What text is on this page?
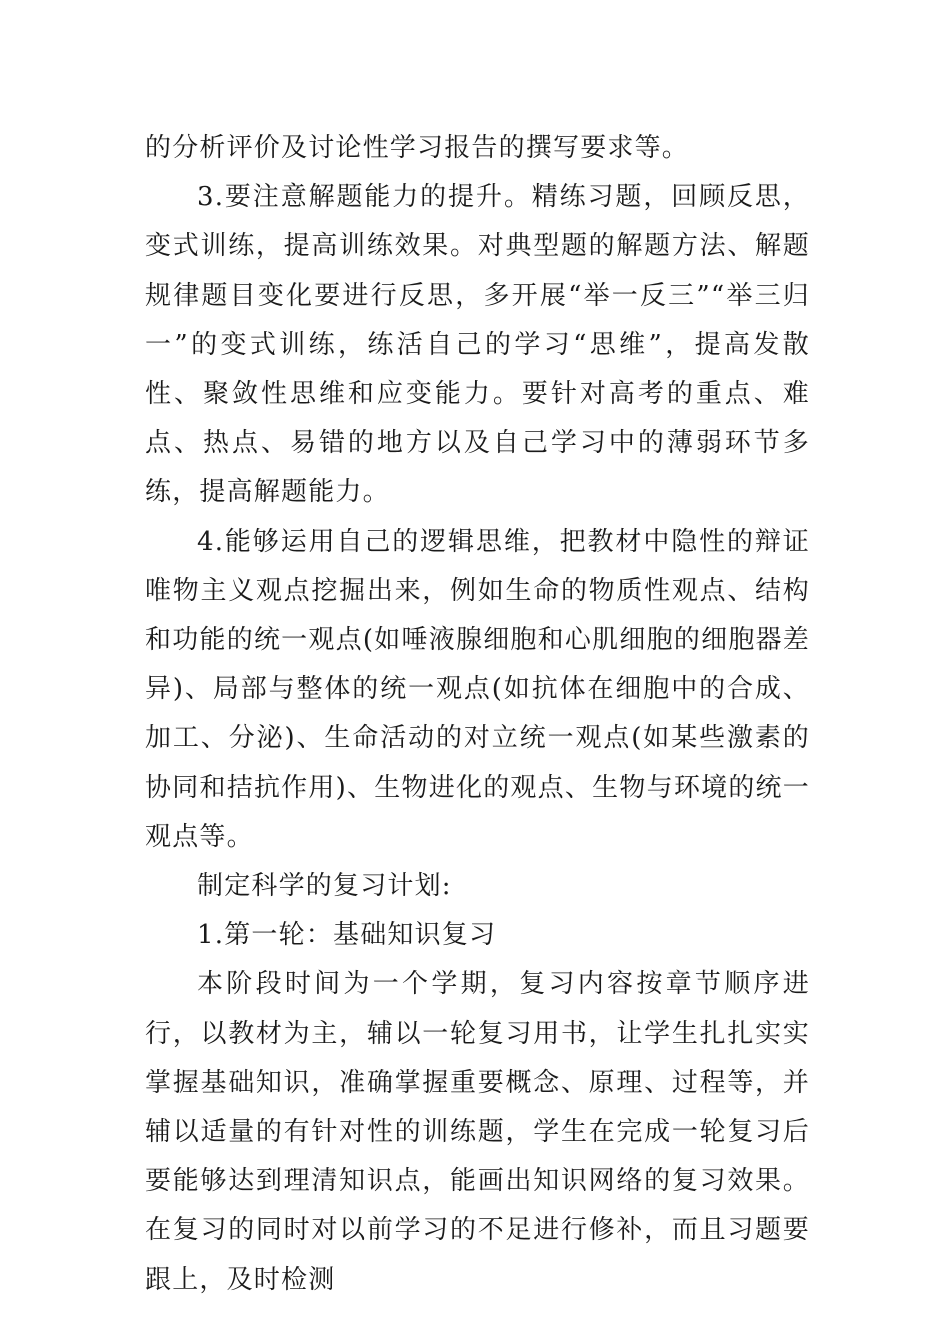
的分析评价及讨论性学习报告的撰写要求等。

3.要注意解题能力的提升。精练习题，回顾反思，变式训练，提高训练效果。对典型题的解题方法、解题规律题目变化要进行反思，多开展“举一反三”“举三归一”的变式训练，练活自己的学习“思维”，提高发散性、聚敛性思维和应变能力。要针对高考的重点、难点、热点、易错的地方以及自己学习中的薄弱环节多练，提高解题能力。

4.能够运用自己的逻辑思维，把教材中隐性的辩证唯物主义观点挖掘出来，例如生命的物质性观点、结构和功能的统一观点(如唾液腺细胞和心肌细胞的细胞器差异)、局部与整体的统一观点(如抗体在细胞中的合成、加工、分泌)、生命活动的对立统一观点(如某些激素的协同和拮抗作用)、生物进化的观点、生物与环境的统一观点等。

制定科学的复习计划:

1.第一轮：基础知识复习

本阶段时间为一个学期，复习内容按章节顺序进行，以教材为主，辅以一轮复习用书，让学生扎扎实实掌握基础知识，准确掌握重要概念、原理、过程等，并辅以适量的有针对性的训练题，学生在完成一轮复习后要能够达到理清知识点，能画出知识网络的复习效果。在复习的同时对以前学习的不足进行修补，而且习题要跟上，及时检测
